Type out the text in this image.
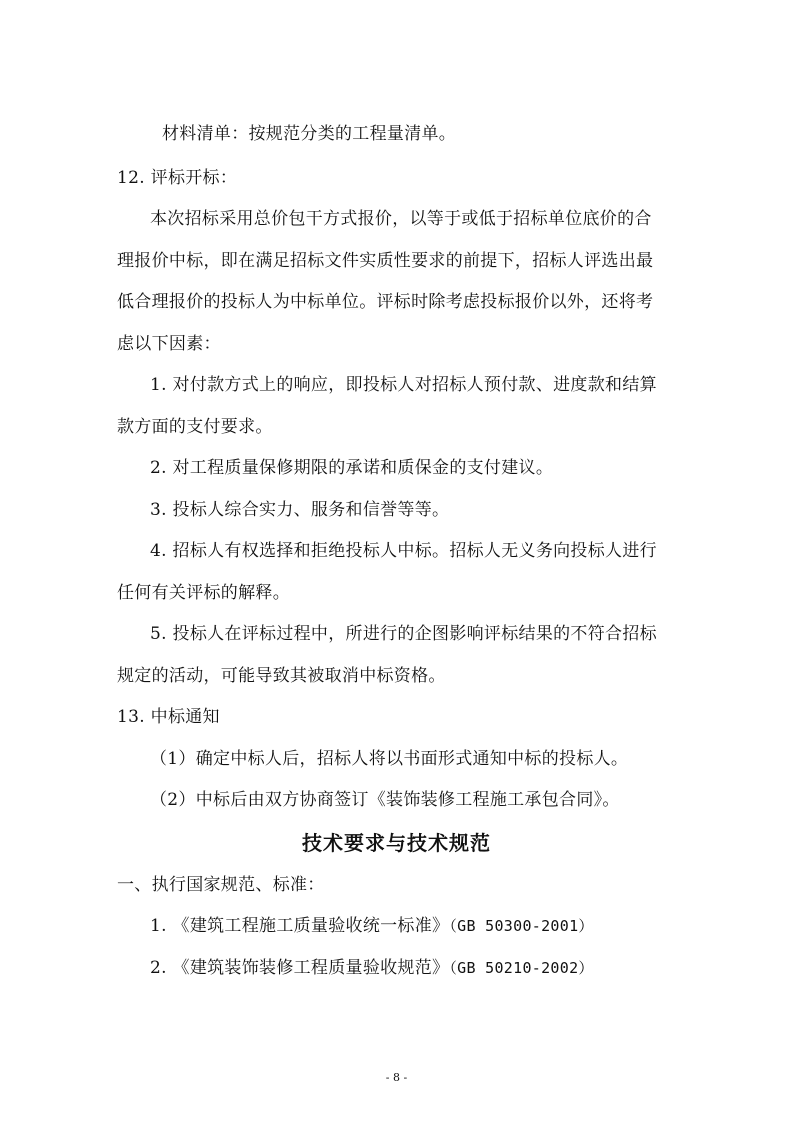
材料清单：按规范分类的工程量清单。
12. 评标开标：
本次招标采用总价包干方式报价，以等于或低于招标单位底价的合
理报价中标，即在满足招标文件实质性要求的前提下，招标人评选出最
低合理报价的投标人为中标单位。评标时除考虑投标报价以外，还将考
虑以下因素：
1. 对付款方式上的响应，即投标人对招标人预付款、进度款和结算
款方面的支付要求。
2. 对工程质量保修期限的承诺和质保金的支付建议。
3. 投标人综合实力、服务和信誉等等。
4. 招标人有权选择和拒绝投标人中标。招标人无义务向投标人进行
任何有关评标的解释。
5. 投标人在评标过程中，所进行的企图影响评标结果的不符合招标
规定的活动，可能导致其被取消中标资格。
13. 中标通知
（1）确定中标人后，招标人将以书面形式通知中标的投标人。
（2）中标后由双方协商签订《装饰装修工程施工承包合同》。
技术要求与技术规范
一、执行国家规范、标准：
1. 《建筑工程施工质量验收统一标准》（GB 50300-2001）
2. 《建筑装饰装修工程质量验收规范》（GB 50210-2002）
- 8 -
